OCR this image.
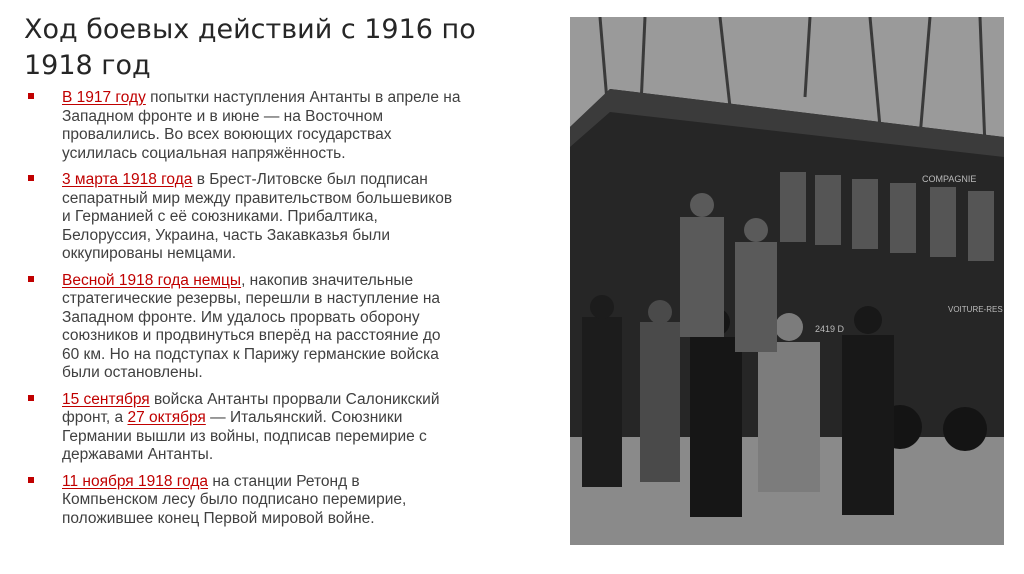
Ход боевых действий с 1916 по
1918 год
В 1917 году попытки наступления Антанты в апреле на
Западном фронте и в июне — на Восточном
провалились. Во всех воюющих государствах
усилилась социальная напряжённость.
3 марта 1918 года в Брест-Литовске был подписан
сепаратный мир между правительством большевиков
и Германией с её союзниками. Прибалтика,
Белоруссия, Украина, часть Закавказья были
оккупированы немцами.
Весной 1918 года немцы, накопив значительные
стратегические резервы, перешли в наступление на
Западном фронте. Им удалось прорвать оборону
союзников и продвинуться вперёд на расстояние до
60 км. Но на подступах к Парижу германские войска
были остановлены.
15 сентября войска Антанты прорвали Салоникский
фронт, а 27 октября — Итальянский. Союзники
Германии вышли из войны, подписав перемирие с
державами Антанты.
11 ноября 1918 года на станции Ретонд в
Компьенском лесу было подписано перемирие,
положившее конец Первой мировой войне.
COMPAGNIE
2419 D
VOITURE-RES
